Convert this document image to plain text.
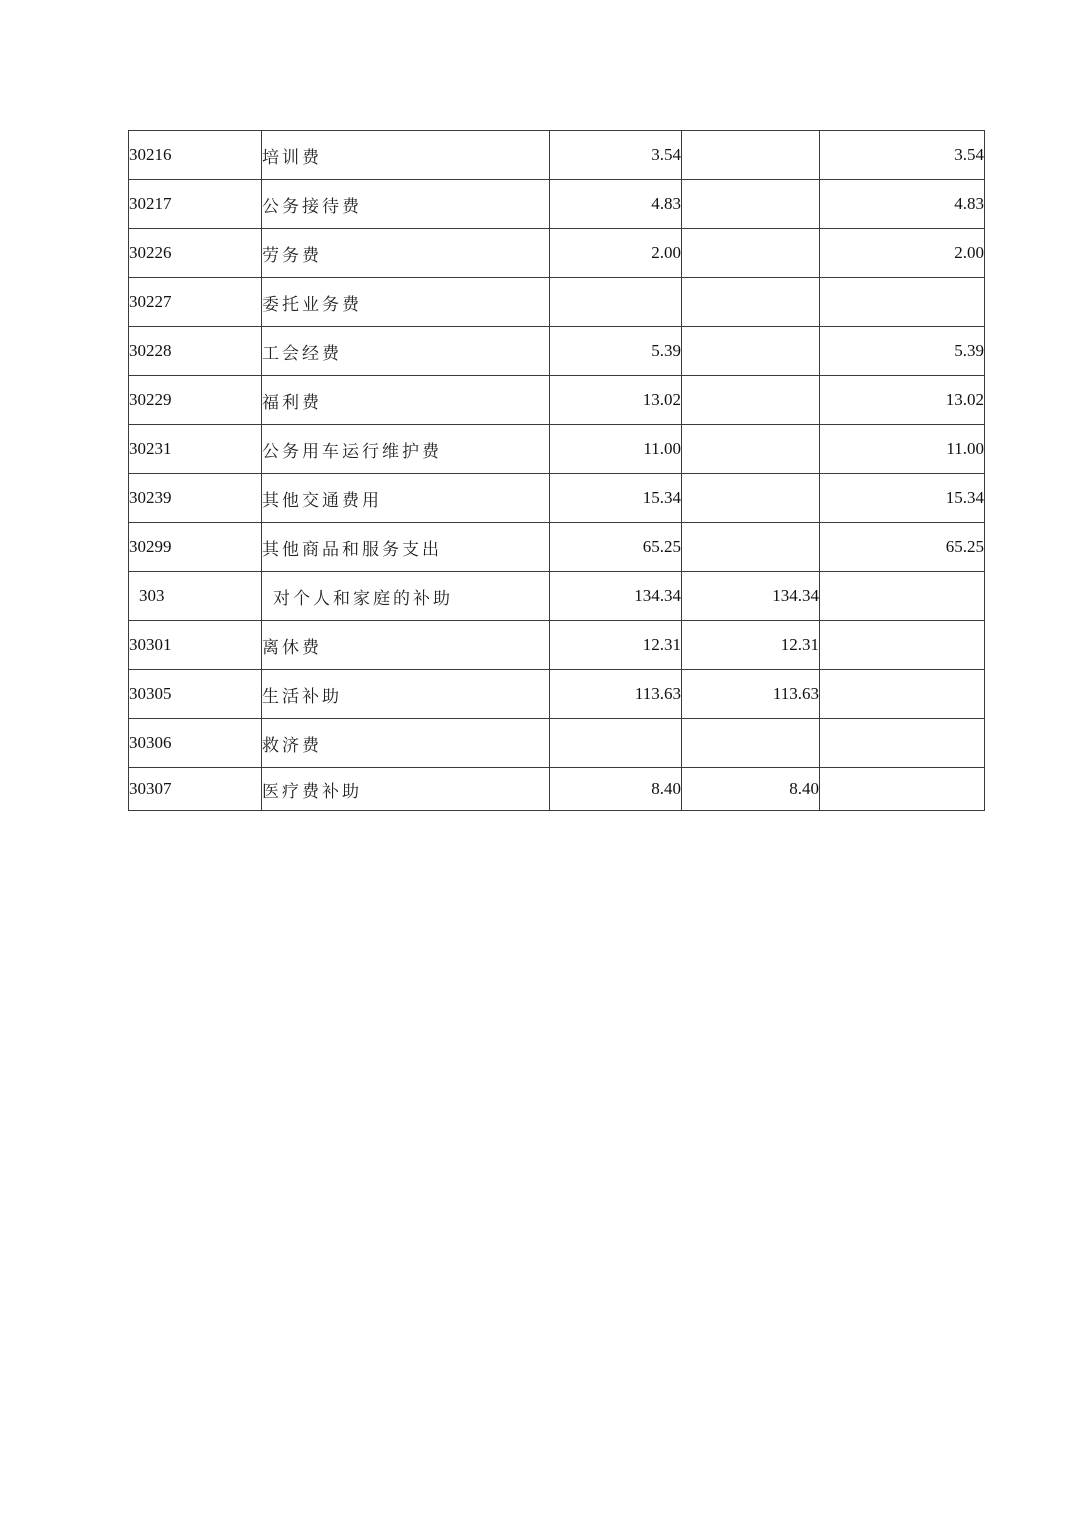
30216	培训费	3.54		3.54
30217	公务接待费	4.83		4.83
30226	劳务费	2.00		2.00
30227	委托业务费			
30228	工会经费	5.39		5.39
30229	福利费	13.02		13.02
30231	公务用车运行维护费	11.00		11.00
30239	其他交通费用	15.34		15.34
30299	其他商品和服务支出	65.25		65.25
303	对个人和家庭的补助	134.34	134.34	
30301	离休费	12.31	12.31	
30305	生活补助	113.63	113.63	
30306	救济费			
30307	医疗费补助	8.40	8.40	
